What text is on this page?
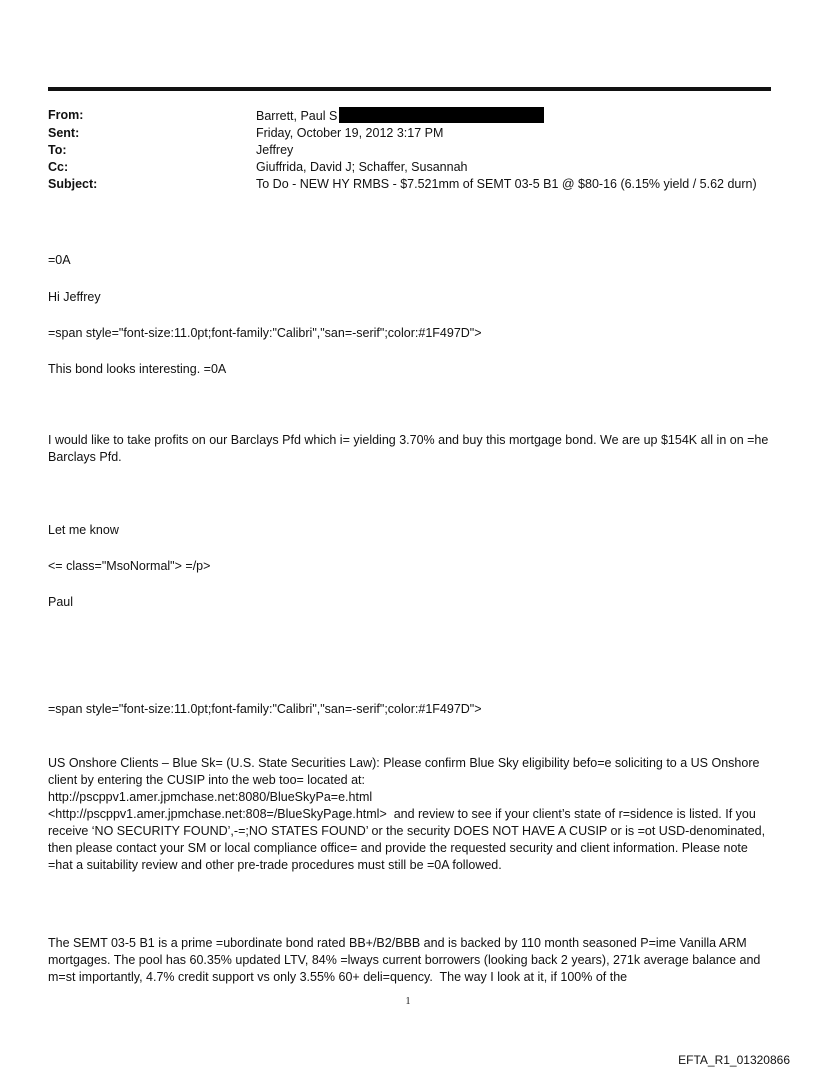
From:	Barrett, Paul S
Sent:	Friday, October 19, 2012 3:17 PM
To:	Jeffrey
Cc:	Giuffrida, David J; Schaffer, Susannah
Subject:	To Do - NEW HY RMBS - $7.521mm of SEMT 03-5 B1 @ $80-16 (6.15% yield / 5.62 durn)

=0A

Hi Jeffrey

=span style="font-size:11.0pt;font-family:"Calibri","san=-serif";color:#1F497D">

This bond looks interesting. =0A

I would like to take profits on our Barclays Pfd which i= yielding 3.70% and buy this mortgage bond. We are up $154K all in on =he Barclays Pfd.

Let me know

<= class="MsoNormal"> =/p>

Paul

=span style="font-size:11.0pt;font-family:"Calibri","san=-serif";color:#1F497D">

US Onshore Clients – Blue Sk= (U.S. State Securities Law): Please confirm Blue Sky eligibility befo=e soliciting to a US Onshore client by entering the CUSIP into the web too= located at:
http://pscppv1.amer.jpmchase.net:8080/BlueSkyPa=e.html
<http://pscppv1.amer.jpmchase.net:808=/BlueSkyPage.html>  and review to see if your client’s state of r=sidence is listed. If you receive ‘NO SECURITY FOUND’,-=;NO STATES FOUND’ or the security DOES NOT HAVE A CUSIP or is =ot USD-denominated, then please contact your SM or local compliance office= and provide the requested security and client information. Please note =hat a suitability review and other pre-trade procedures must still be =0A followed.

The SEMT 03-5 B1 is a prime =ubordinate bond rated BB+/B2/BBB and is backed by 110 month seasoned P=ime Vanilla ARM mortgages. The pool has 60.35% updated LTV, 84% =lways current borrowers (looking back 2 years), 271k average balance and m=st importantly, 4.7% credit support vs only 3.55% 60+ deli=quency.  The way I look at it, if 100% of the

1
EFTA_R1_01320866
